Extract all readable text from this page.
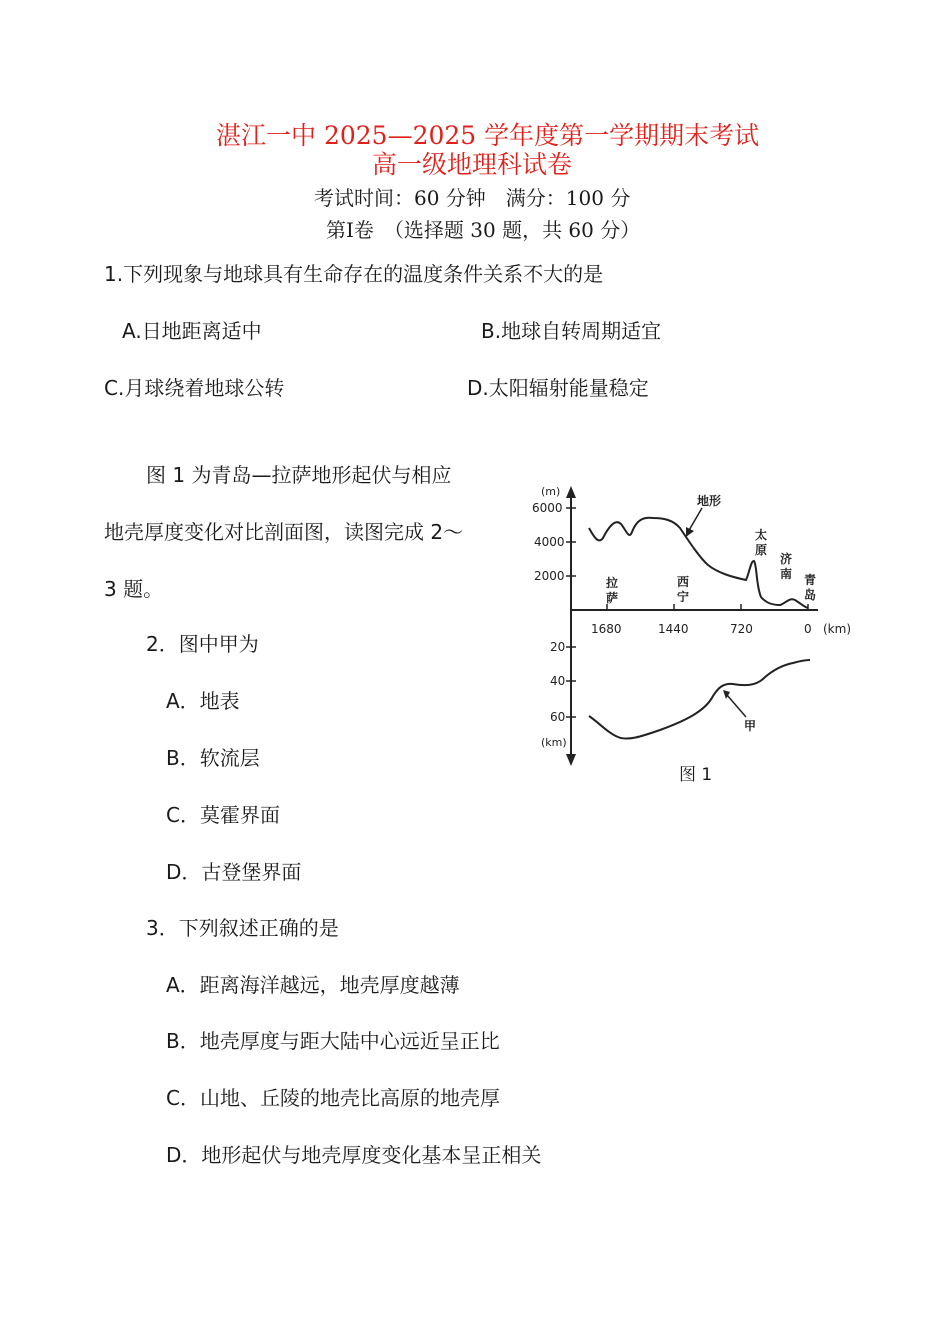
湛江一中 2025—2025 学年度第一学期期末考试
高一级地理科试卷
考试时间：60 分钟　满分：100 分
第Ⅰ卷　（选择题 30 题，共 60 分）
1.下列现象与地球具有生命存在的温度条件关系不大的是
A.日地距离适中	B.地球自转周期适宜
C.月球绕着地球公转	D.太阳辐射能量稳定
图 1 为青岛—拉萨地形起伏与相应
地壳厚度变化对比剖面图，读图完成 2～
3 题。
2．图中甲为
A．地表
B．软流层
C．莫霍界面
D．古登堡界面
3．下列叙述正确的是
A．距离海洋越远，地壳厚度越薄
B．地壳厚度与距大陆中心远近呈正比
C．山地、丘陵的地壳比高原的地壳厚
D．地形起伏与地壳厚度变化基本呈正相关
(m)
6000
4000
2000
1680	1440	720	0 (km)
20
40
60
(km)
地形
甲
拉
萨
西
宁
太
原
济
南 青
岛
图 1
